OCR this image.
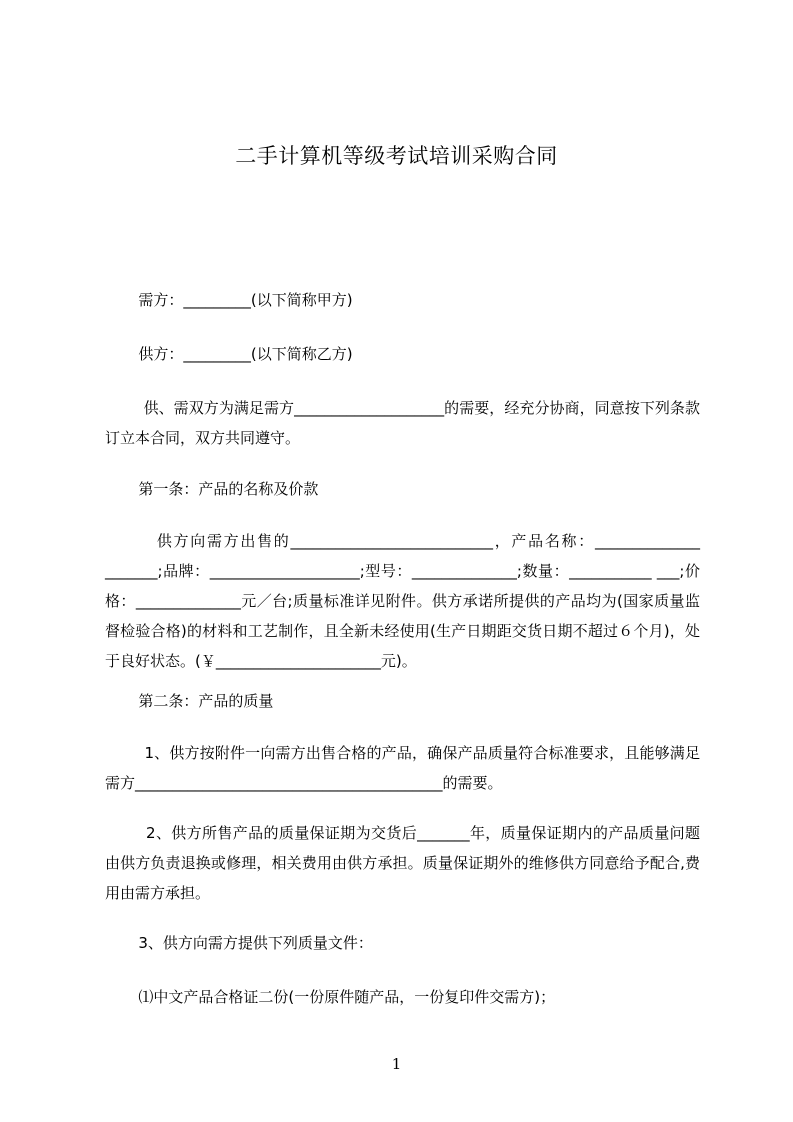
二手计算机等级考试培训采购合同

需方：_________(以下简称甲方)

供方：_________(以下简称乙方)

供、需双方为满足需方____________________的需要，经充分协商，同意按下列条款订立本合同，双方共同遵守。

第一条：产品的名称及价款

供方向需方出售的___________________________，产品名称：______________ _______;品牌：____________________;型号：______________;数量：___________ ___;价格：______________元／台;质量标准详见附件。供方承诺所提供的产品均为(国家质量监督检验合格)的材料和工艺制作，且全新未经使用(生产日期距交货日期不超过６个月)，处于良好状态。(￥______________________元)。

第二条：产品的质量

1、供方按附件一向需方出售合格的产品，确保产品质量符合标准要求，且能够满足需方_________________________________________的需要。

2、供方所售产品的质量保证期为交货后_______年，质量保证期内的产品质量问题由供方负责退换或修理，相关费用由供方承担。质量保证期外的维修供方同意给予配合,费用由需方承担。

3、供方向需方提供下列质量文件：

⑴中文产品合格证二份(一份原件随产品，一份复印件交需方)；

1
